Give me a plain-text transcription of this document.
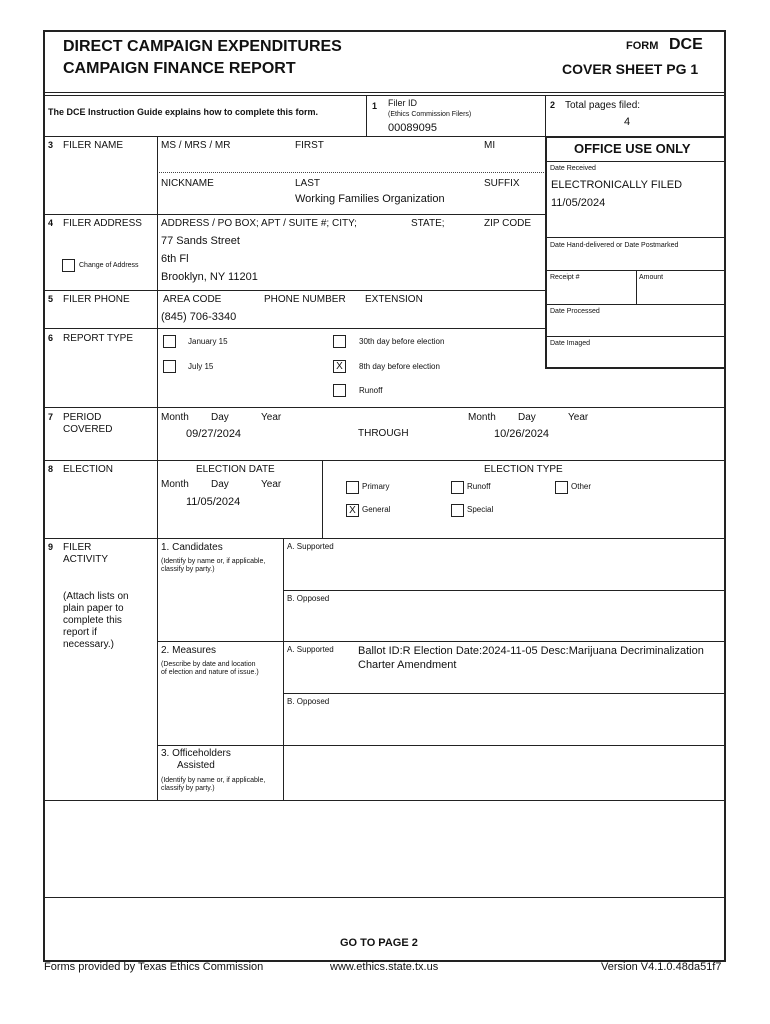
DIRECT CAMPAIGN EXPENDITURES
CAMPAIGN FINANCE REPORT
FORM DCE
COVER SHEET PG 1
The DCE Instruction Guide explains how to complete this form.
1 Filer ID
(Ethics Commission Filers)
00089095
2 Total pages filed:
4
OFFICE USE ONLY
Date Received
ELECTRONICALLY FILED
11/05/2024
Date Hand-delivered or Date Postmarked
Receipt #	Amount
Date Processed
Date Imaged
3 FILER NAME	MS / MRS / MR	FIRST	MI
NICKNAME	LAST	SUFFIX
Working Families Organization
4 FILER ADDRESS
Change of Address
ADDRESS / PO BOX; APT / SUITE #; CITY;	STATE;	ZIP CODE
77 Sands Street
6th Fl
Brooklyn, NY 11201
5 FILER PHONE	AREA CODE	PHONE NUMBER EXTENSION
(845) 706-3340
6 REPORT TYPE	January 15
July 15
30th day before election
X	8th day before election
Runoff
7 PERIOD
COVERED
Month Day	Year
09/27/2024	THROUGH
Month Day	Year
10/26/2024
8 ELECTION	ELECTION DATE
Month Day	Year
11/05/2024
ELECTION TYPE
Primary	Runoff	Other
X General	Special
9 FILER
ACTIVITY
(Attach lists on plain paper to complete this report if necessary.)
1. Candidates
(Identify by name or, if applicable, classify by party.)
A. Supported
B. Opposed
2. Measures
(Describe by date and location of election and nature of issue.)
A. Supported Ballot ID:R Election Date:2024-11-05 Desc:Marijuana Decriminalization Charter Amendment
B. Opposed
3. Officeholders
Assisted
(Identify by name or, if applicable, classify by party.)
GO TO PAGE 2
Forms provided by Texas Ethics Commission	www.ethics.state.tx.us	Version V4.1.0.48da51f7
